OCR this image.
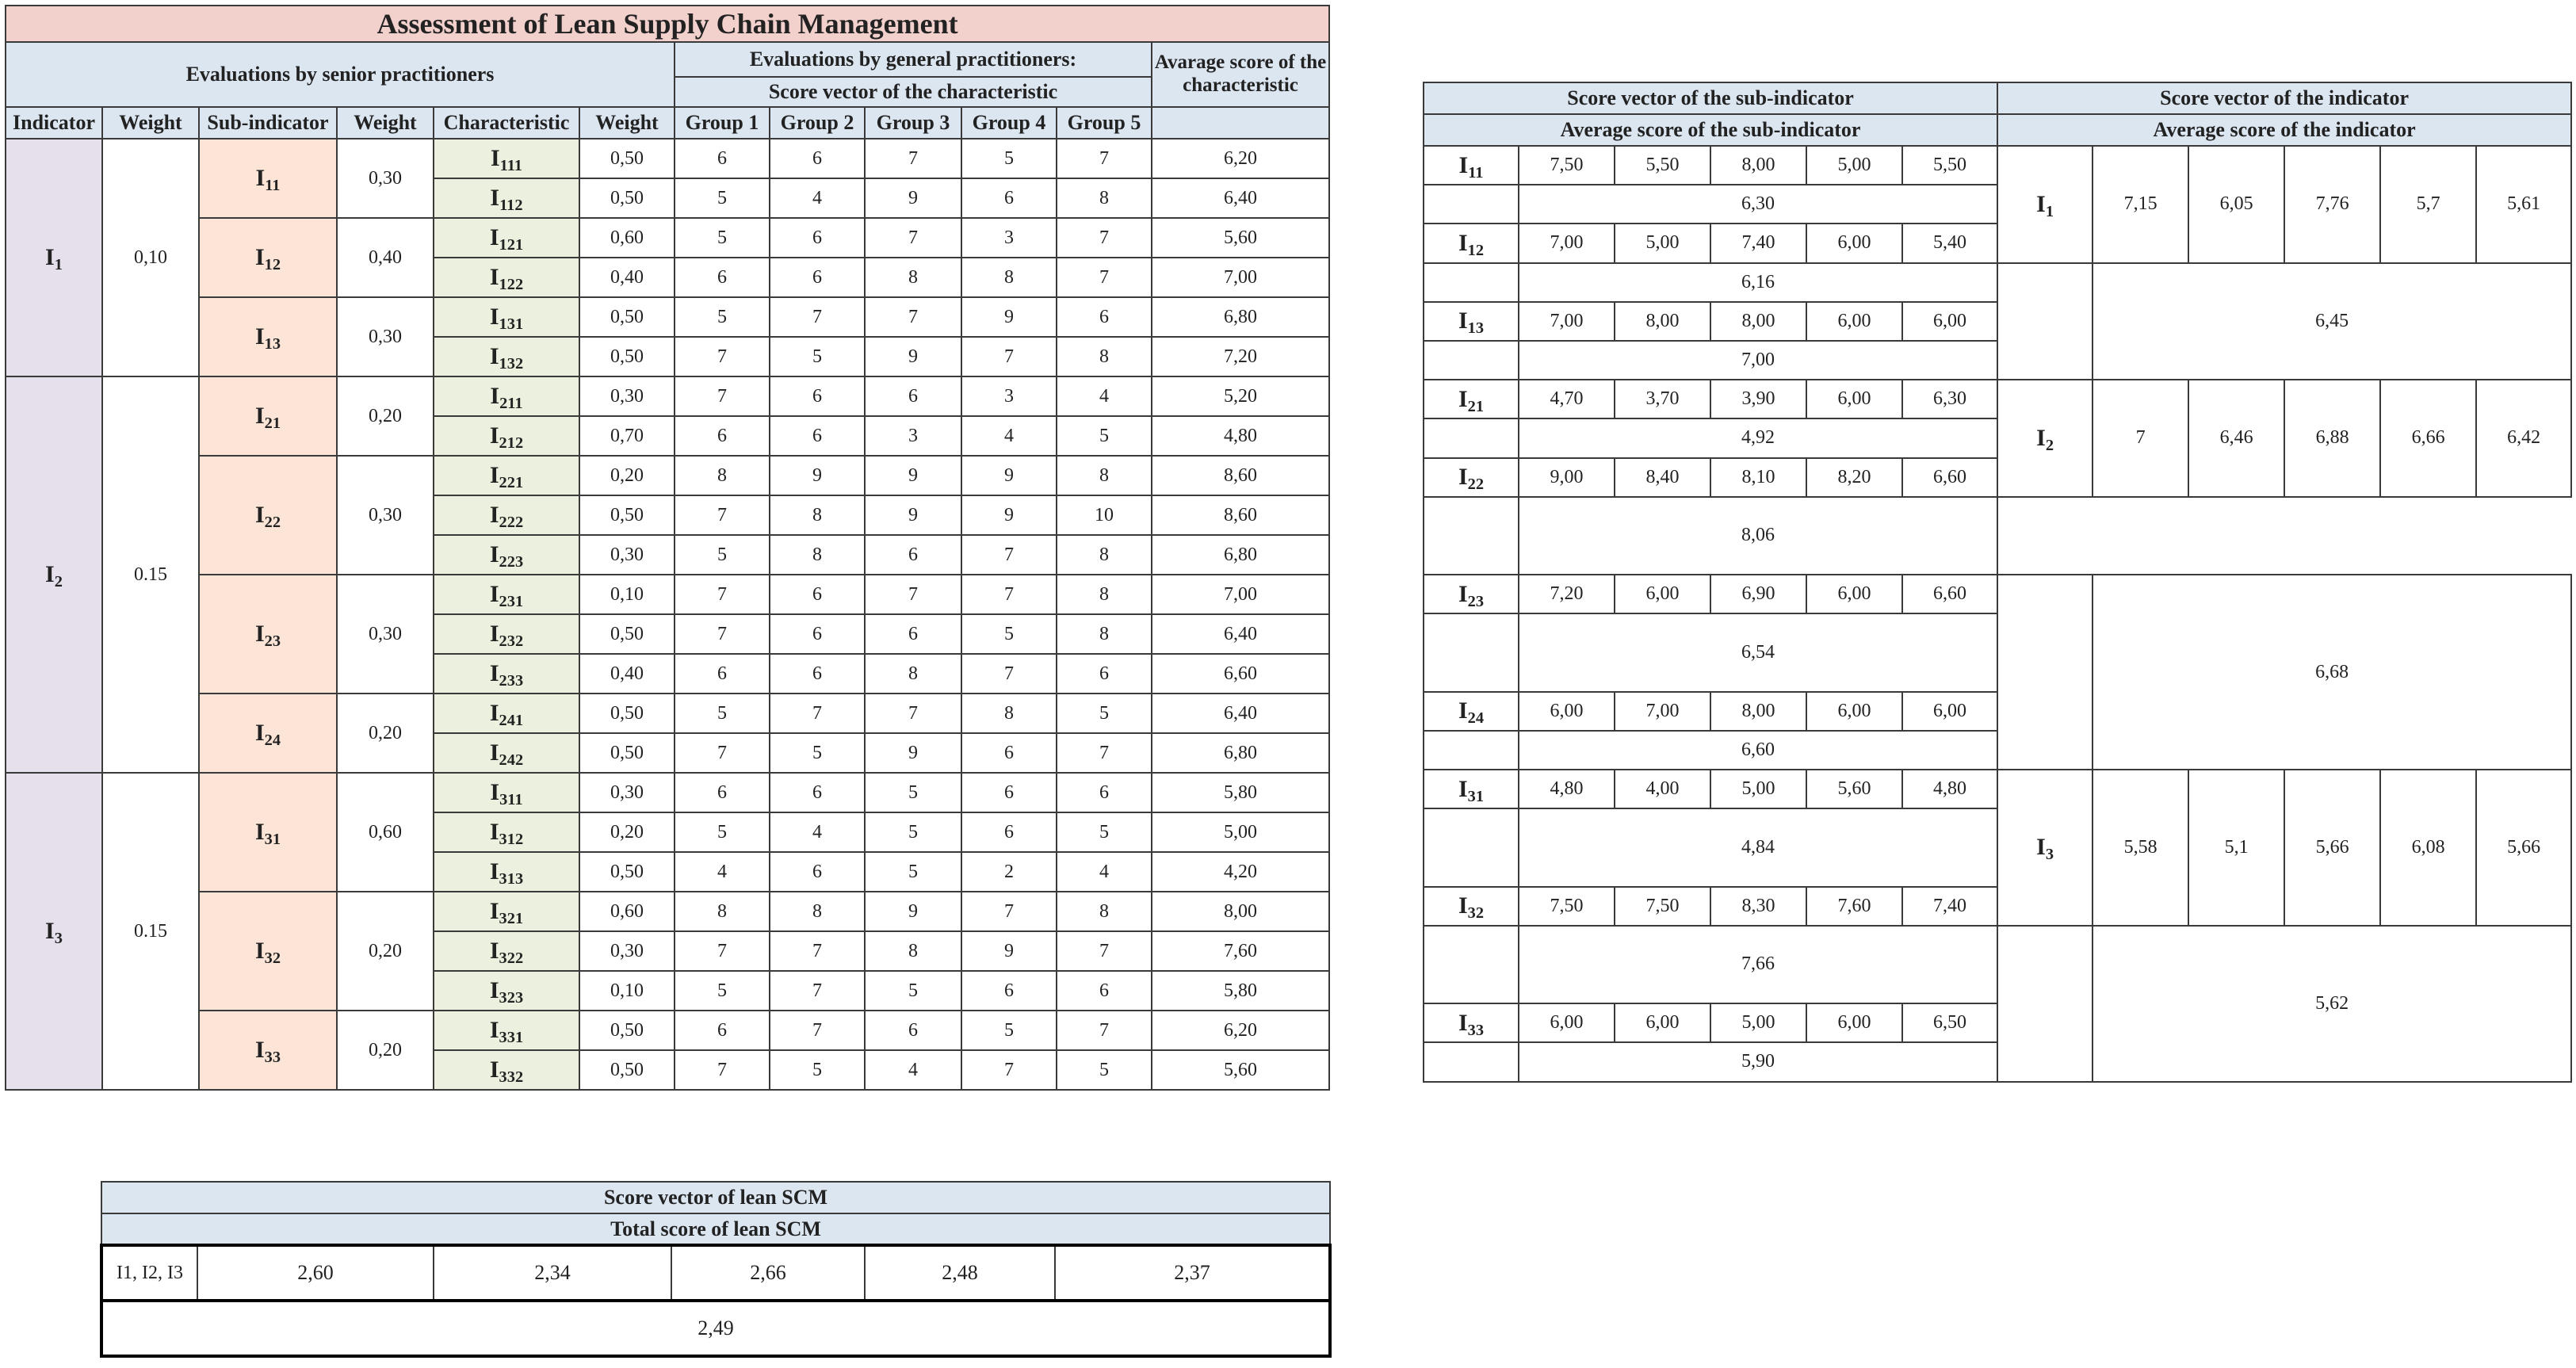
Assessment of Lean Supply Chain Management											
Evaluations by senior practitioners						Evaluations by general practitioners:					Avarage score of the characteristic
						Score vector of the characteristic					
Indicator	Weight	Sub-indicator	Weight	Characteristic	Weight	Group 1	Group 2	Group 3	Group 4	Group 5	
$I_1$	0,10	$I_{11}$	0,30	$I_{111}$	0,50	6	6	7	5	7	6,20
				$I_{112}$	0,50	5	4	9	6	8	6,40
		$I_{12}$	0,40	$I_{121}$	0,60	5	6	7	3	7	5,60
				$I_{122}$	0,40	6	6	8	8	7	7,00
		$I_{13}$	0,30	$I_{131}$	0,50	5	7	7	9	6	6,80
				$I_{132}$	0,50	7	5	9	7	8	7,20
$I_2$	0.15	$I_{21}$	0,20	$I_{211}$	0,30	7	6	6	3	4	5,20
				$I_{212}$	0,70	6	6	3	4	5	4,80
		$I_{22}$	0,30	$I_{221}$	0,20	8	9	9	9	8	8,60
				$I_{222}$	0,50	7	8	9	9	10	8,60
				$I_{223}$	0,30	5	8	6	7	8	6,80
		$I_{23}$	0,30	$I_{231}$	0,10	7	6	7	7	8	7,00
				$I_{232}$	0,50	7	6	6	5	8	6,40
				$I_{233}$	0,40	6	6	8	7	6	6,60
		$I_{24}$	0,20	$I_{241}$	0,50	5	7	7	8	5	6,40
				$I_{242}$	0,50	7	5	9	6	7	6,80
$I_3$	0.15	$I_{31}$	0,60	$I_{311}$	0,30	6	6	5	6	6	5,80
				$I_{312}$	0,20	5	4	5	6	5	5,00
				$I_{313}$	0,50	4	6	5	2	4	4,20
		$I_{32}$	0,20	$I_{321}$	0,60	8	8	9	7	8	8,00
				$I_{322}$	0,30	7	7	8	9	7	7,60
				$I_{323}$	0,10	5	7	5	6	6	5,80
		$I_{33}$	0,20	$I_{331}$	0,50	6	7	6	5	7	6,20
				$I_{332}$	0,50	7	5	4	7	5	5,60
Score vector of the sub-indicator						Score vector of the indicator					
Average score of the sub-indicator						Average score of the indicator					
$I_{11}$	7,50	5,50	8,00	5,00	5,50	$I_1$	7,15	6,05	7,76	5,7	5,61
	6,30										
$I_{12}$	7,00	5,00	7,40	6,00	5,40						
	6,16						6,45				
$I_{13}$	7,00	8,00	8,00	6,00	6,00						
	7,00										
$I_{21}$	4,70	3,70	3,90	6,00	6,30	$I_2$	7	6,46	6,88	6,66	6,42
	4,92										
$I_{22}$	9,00	8,40	8,10	8,20	6,60						
	8,06										
$I_{23}$	7,20	6,00	6,90	6,00	6,60		6,68				
	6,54										
$I_{24}$	6,00	7,00	8,00	6,00	6,00						
	6,60										
$I_{31}$	4,80	4,00	5,00	5,60	4,80	$I_3$	5,58	5,1	5,66	6,08	5,66
	4,84										
$I_{32}$	7,50	7,50	8,30	7,60	7,40						
	7,66						5,62				
$I_{33}$	6,00	6,00	5,00	6,00	6,50						
	5,90										
Score vector of lean SCM
Total score of lean SCM
I1, I2, I3	2,60	2,34	2,66	2,48	2,37
2,49
